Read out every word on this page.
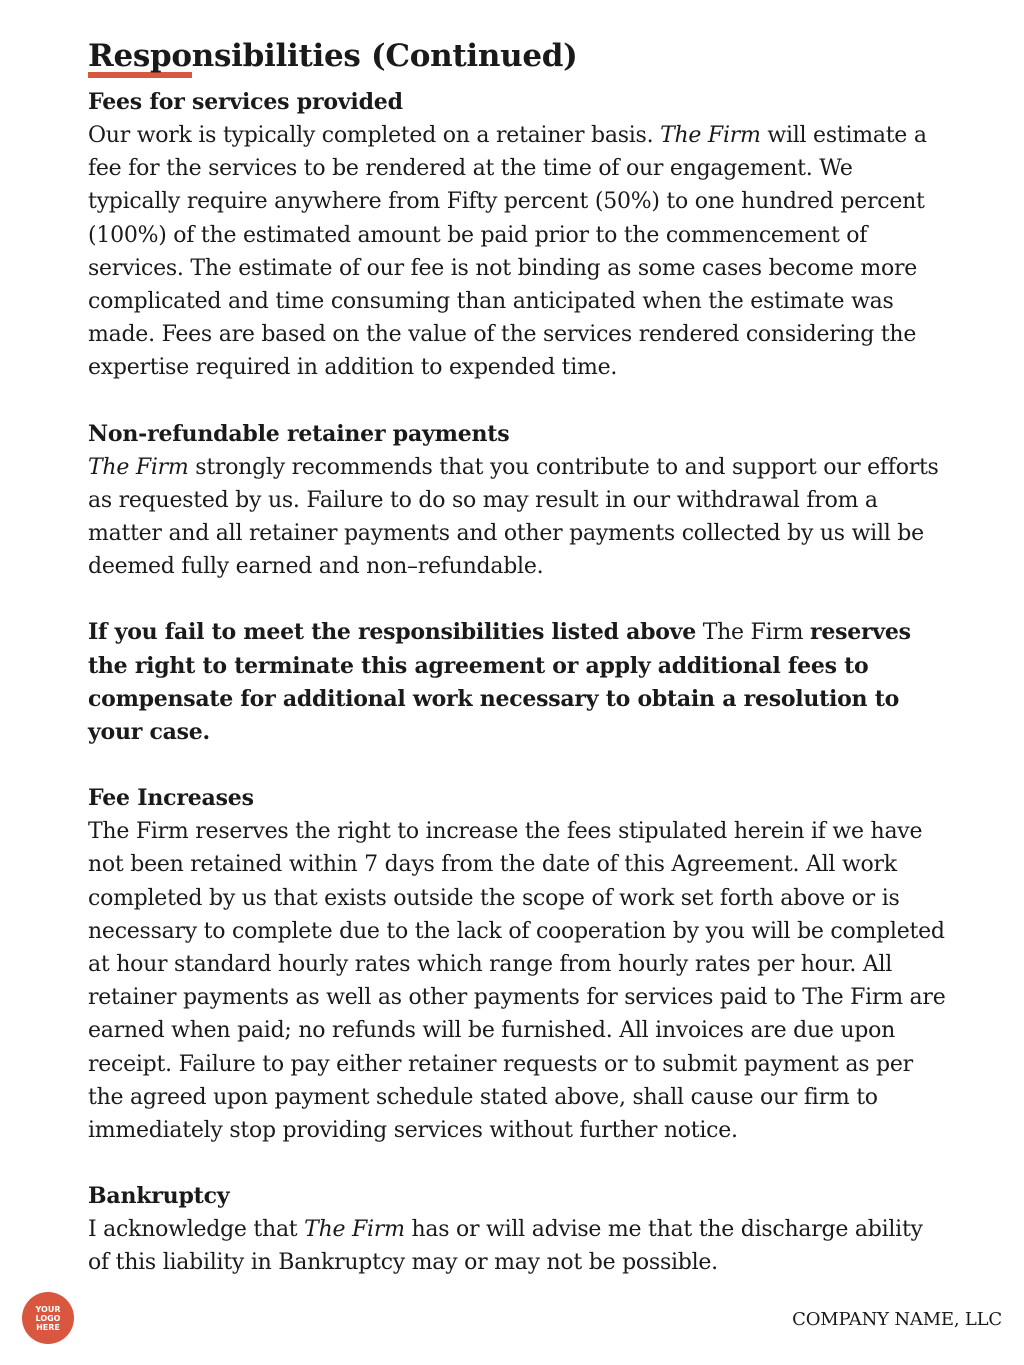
Responsibilities (Continued)

Fees for services provided

Our work is typically completed on a retainer basis. The Firm will estimate a fee for the services to be rendered at the time of our engagement. We typically require anywhere from Fifty percent (50%) to one hundred percent (100%) of the estimated amount be paid prior to the commencement of services. The estimate of our fee is not binding as some cases become more complicated and time consuming than anticipated when the estimate was made. Fees are based on the value of the services rendered considering the expertise required in addition to expended time.

Non-refundable retainer payments

The Firm strongly recommends that you contribute to and support our efforts as requested by us. Failure to do so may result in our withdrawal from a matter and all retainer payments and other payments collected by us will be deemed fully earned and non–refundable.

If you fail to meet the responsibilities listed above The Firm reserves the right to terminate this agreement or apply additional fees to compensate for additional work necessary to obtain a resolution to your case.

Fee Increases

The Firm reserves the right to increase the fees stipulated herein if we have not been retained within 7 days from the date of this Agreement. All work completed by us that exists outside the scope of work set forth above or is necessary to complete due to the lack of cooperation by you will be completed at hour standard hourly rates which range from hourly rates per hour. All retainer payments as well as other payments for services paid to The Firm are earned when paid; no refunds will be furnished. All invoices are due upon receipt. Failure to pay either retainer requests or to submit payment as per the agreed upon payment schedule stated above, shall cause our firm to immediately stop providing services without further notice.

Bankruptcy

I acknowledge that The Firm has or will advise me that the discharge ability of this liability in Bankruptcy may or may not be possible.

YOUR
LOGO
HERE	COMPANY NAME, LLC
